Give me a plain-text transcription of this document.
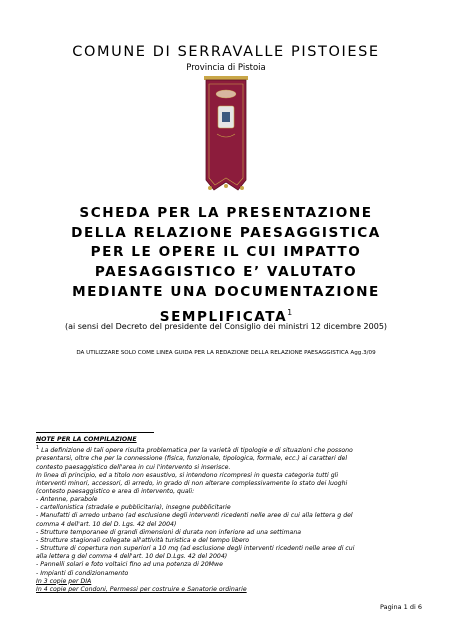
COMUNE DI SERRAVALLE PISTOIESE
Provincia di Pistoia
SCHEDA PER LA PRESENTAZIONE
DELLA RELAZIONE PAESAGGISTICA
PER LE OPERE IL CUI IMPATTO
PAESAGGISTICO E’ VALUTATO
MEDIANTE UNA DOCUMENTAZIONE
SEMPLIFICATA$^1$
(ai sensi del Decreto del presidente del Consiglio dei ministri 12 dicembre 2005)
DA UTILIZZARE SOLO COME LINEA GUIDA PER LA REDAZIONE DELLA RELAZIONE PAESAGGISTICA Agg.3/09
NOTE PER LA COMPILAZIONE
$^1$ La definizione di tali opere risulta problematica per la varietà di tipologie e di situazioni che possono
presentarsi, oltre che per la connessione (fisica, funzionale, tipologica, formale, ecc.) ai caratteri del
contesto paesaggistico dell'area in cui l'intervento si inserisce.
In linea di principio, ed a titolo non esaustivo, si intendono ricompresi in questa categoria tutti gli
interventi minori, accessori, di arredo, in grado di non alterare complessivamente lo stato dei luoghi
(contesto paesaggistico e area di intervento, quali:
- Antenne, parabole
- cartellonistica (stradale e pubblicitaria), insegne pubblicitarie
- Manufatti di arredo urbano (ad esclusione degli interventi ricedenti nelle aree di cui alla lettera g del
comma 4 dell'art. 10 del D. Lgs. 42 del 2004)
- Strutture temporanee di grandi dimensioni di durata non inferiore ad una settimana
- Strutture stagionali collegate all'attività turistica e del tempo libero
- Strutture di copertura non superiori a 10 mq (ad esclusione degli interventi ricedenti nelle aree di cui
alla lettera g del comma 4 dell'art. 10 del D.Lgs. 42 del 2004)
- Pannelli solari e foto voltaici fino ad una potenza di 20Mwe
- Impianti di condizionamento
In 3 copie per DIA
In 4 copie per Condoni, Permessi per costruire e Sanatorie ordinarie
Pagina 1 di 6
